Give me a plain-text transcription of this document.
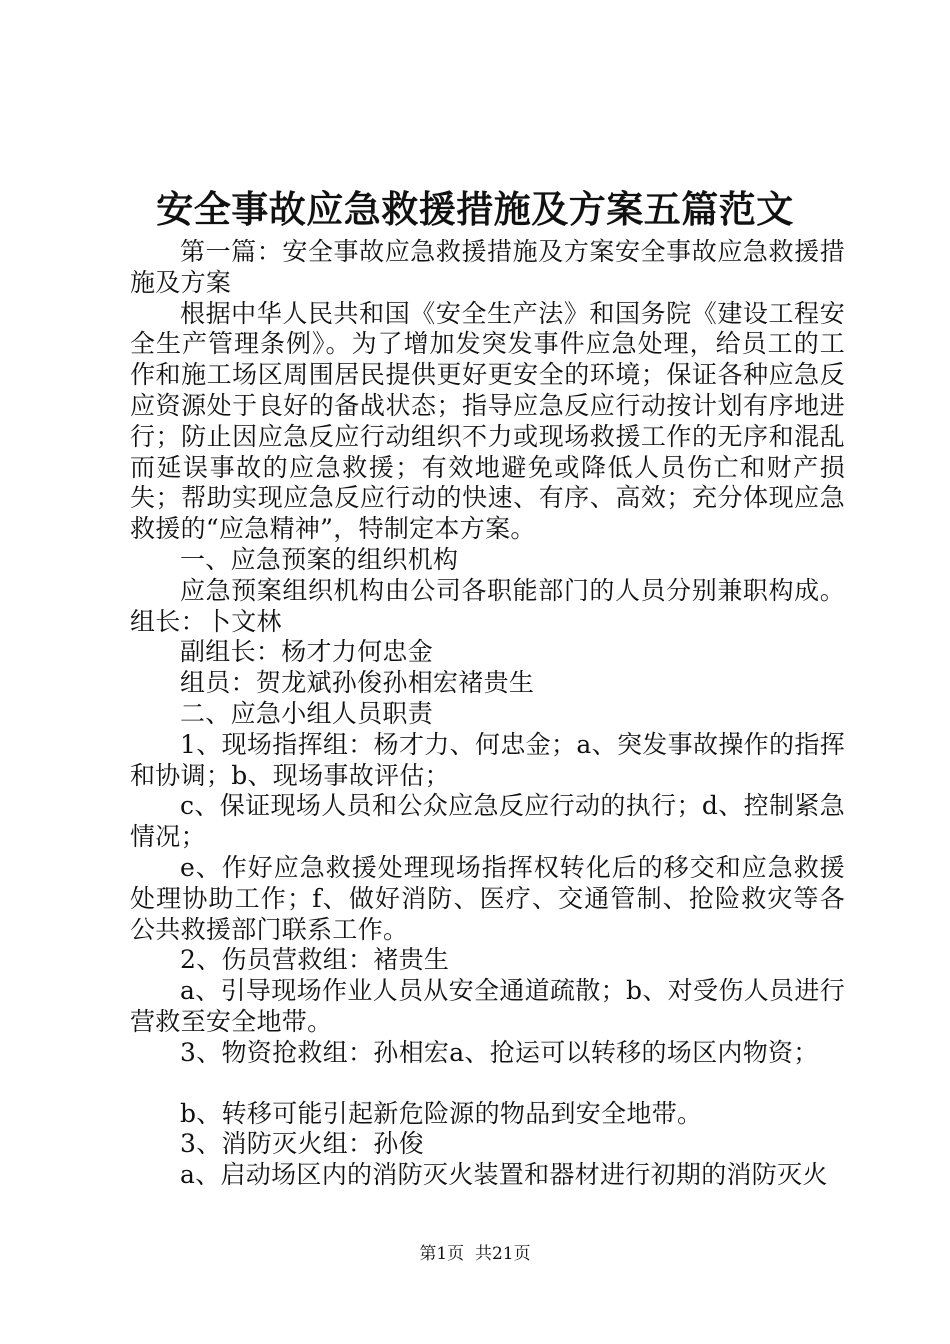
安全事故应急救援措施及方案五篇范文

第一篇：安全事故应急救援措施及方案安全事故应急救援措施及方案

根据中华人民共和国《安全生产法》和国务院《建设工程安全生产管理条例》。为了增加发突发事件应急处理，给员工的工作和施工场区周围居民提供更好更安全的环境；保证各种应急反应资源处于良好的备战状态；指导应急反应行动按计划有序地进行；防止因应急反应行动组织不力或现场救援工作的无序和混乱而延误事故的应急救援；有效地避免或降低人员伤亡和财产损失；帮助实现应急反应行动的快速、有序、高效；充分体现应急救援的“应急精神”，特制定本方案。

一、应急预案的组织机构

应急预案组织机构由公司各职能部门的人员分别兼职构成。组长：卜文林

副组长：杨才力何忠金

组员：贺龙斌孙俊孙相宏褚贵生

二、应急小组人员职责

1、现场指挥组：杨才力、何忠金；a、突发事故操作的指挥和协调；b、现场事故评估；

c、保证现场人员和公众应急反应行动的执行；d、控制紧急情况；

e、作好应急救援处理现场指挥权转化后的移交和应急救援处理协助工作；f、做好消防、医疗、交通管制、抢险救灾等各公共救援部门联系工作。

2、伤员营救组：褚贵生

a、引导现场作业人员从安全通道疏散；b、对受伤人员进行营救至安全地带。

3、物资抢救组：孙相宏a、抢运可以转移的场区内物资；

b、转移可能引起新危险源的物品到安全地带。

3、消防灭火组：孙俊

a、启动场区内的消防灭火装置和器材进行初期的消防灭火

第1页  共21页
